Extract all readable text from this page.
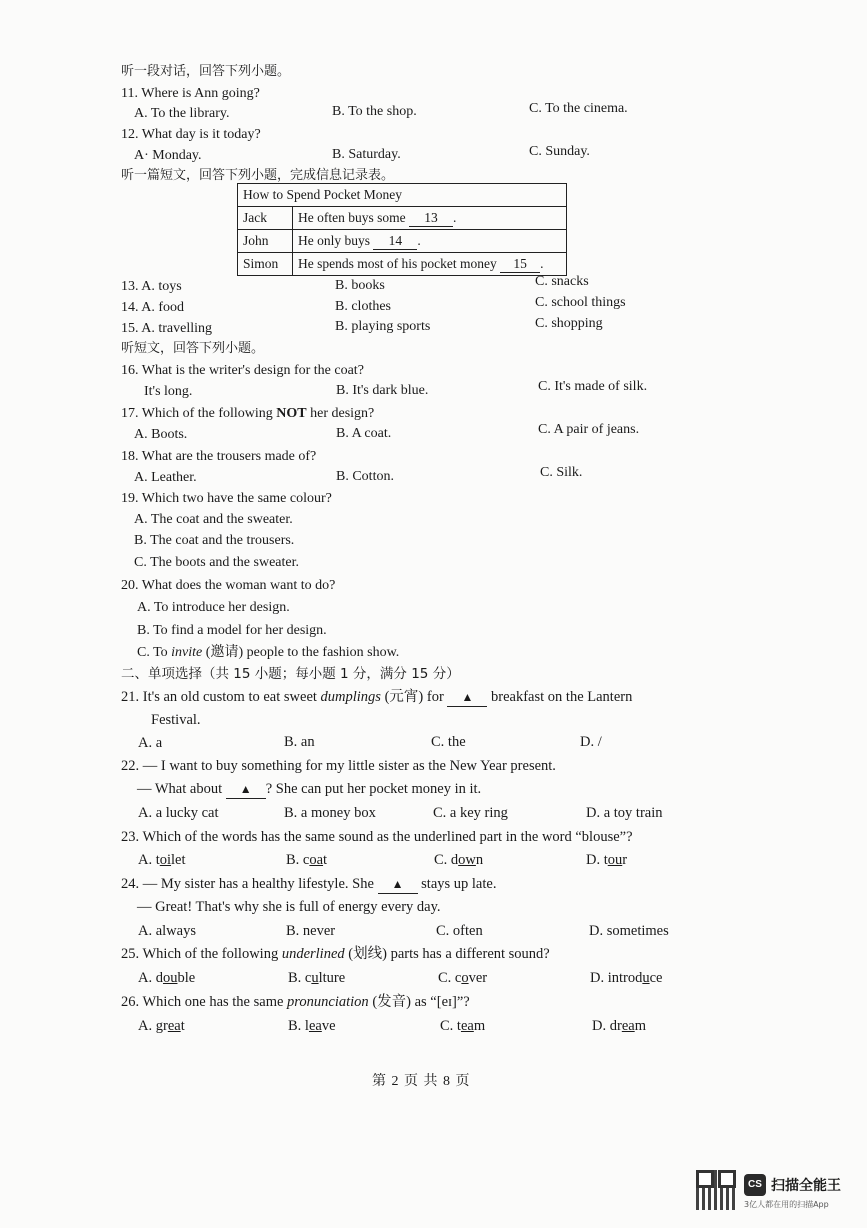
听一段对话，回答下列小题。
11. Where is Ann going?
A. To the library.	B. To the shop.	C. To the cinema.
12. What day is it today?
A· Monday.	B. Saturday.	C. Sunday.
听一篇短文，回答下列小题，完成信息记录表。
How to Spend Pocket Money	
Jack	He often buys some 13 .
John	He only buys 14 .
Simon	He spends most of his pocket money 15 .
13. A. toys	B. books	C. snacks
14. A. food	B. clothes	C. school things
15. A. travelling	B. playing sports	C. shopping
听短文，回答下列小题。
16. What is the writer's design for the coat?
It's long.	B. It's dark blue.	C. It's made of silk.
17. Which of the following NOT her design?
A. Boots.	B. A coat.	C. A pair of jeans.
18. What are the trousers made of?
A. Leather.	B. Cotton.	C. Silk.
19. Which two have the same colour?
A. The coat and the sweater.
B. The coat and the trousers.
C. The boots and the sweater.
20. What does the woman want to do?
A. To introduce her design.
B. To find a model for her design.
C. To invite (邀请) people to the fashion show.
二、单项选择（共 15 小题；每小题 1 分，满分 15 分）
21. It's an old custom to eat sweet dumplings (元宵) for ▲ breakfast on the Lantern
Festival.
A. a	B. an	C. the	D. /
22. — I want to buy something for my little sister as the New Year present.
— What about ▲ ? She can put her pocket money in it.
A. a lucky cat	B. a money box	C. a key ring	D. a toy train
23. Which of the words has the same sound as the underlined part in the word “blouse”?
A. toilet	B. coat	C. down	D. tour
24. — My sister has a healthy lifestyle. She ▲ stays up late.
— Great! That's why she is full of energy every day.
A. always	B. never	C. often	D. sometimes
25. Which of the following underlined (划线) parts has a different sound?
A. double	B. culture	C. cover	D. introduce
26. Which one has the same pronunciation (发音) as “[eɪ]”?
A. great	B. leave	C. team	D. dream
第 2 页 共 8 页
CS 扫描全能王
3亿人都在用的扫描App
